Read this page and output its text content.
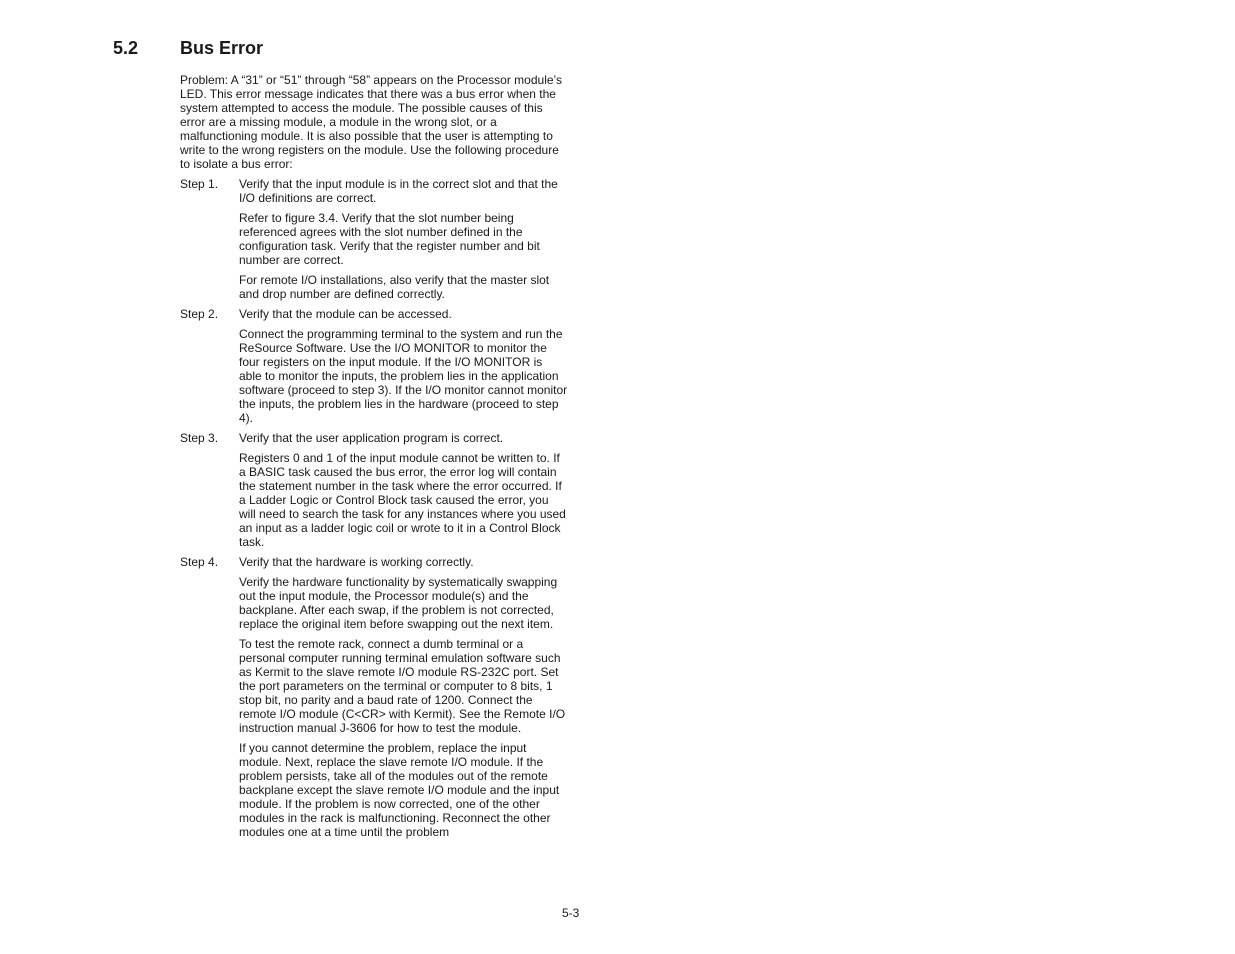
5.2 Bus Error

Problem: A “31” or “51” through “58” appears on the Processor module’s LED. This error message indicates that there was a bus error when the system attempted to access the module. The possible causes of this error are a missing module, a module in the wrong slot, or a malfunctioning module. It is also possible that the user is attempting to write to the wrong registers on the module. Use the following procedure to isolate a bus error:

Step 1.	Verify that the input module is in the correct slot and that the I/O definitions are correct.

Refer to figure 3.4. Verify that the slot number being referenced agrees with the slot number defined in the configuration task. Verify that the register number and bit number are correct.

For remote I/O installations, also verify that the master slot and drop number are defined correctly.

Step 2.	Verify that the module can be accessed.

Connect the programming terminal to the system and run the ReSource Software. Use the I/O MONITOR to monitor the four registers on the input module. If the I/O MONITOR is able to monitor the inputs, the problem lies in the application software (proceed to step 3). If the I/O monitor cannot monitor the inputs, the problem lies in the hardware (proceed to step 4).

Step 3.	Verify that the user application program is correct.

Registers 0 and 1 of the input module cannot be written to. If a BASIC task caused the bus error, the error log will contain the statement number in the task where the error occurred. If a Ladder Logic or Control Block task caused the error, you will need to search the task for any instances where you used an input as a ladder logic coil or wrote to it in a Control Block task.

Step 4.	Verify that the hardware is working correctly.

Verify the hardware functionality by systematically swapping out the input module, the Processor module(s) and the backplane. After each swap, if the problem is not corrected, replace the original item before swapping out the next item.

To test the remote rack, connect a dumb terminal or a personal computer running terminal emulation software such as Kermit to the slave remote I/O module RS-232C port. Set the port parameters on the terminal or computer to 8 bits, 1 stop bit, no parity and a baud rate of 1200. Connect the remote I/O module (C<CR> with Kermit). See the Remote I/O instruction manual J-3606 for how to test the module.

If you cannot determine the problem, replace the input module. Next, replace the slave remote I/O module. If the problem persists, take all of the modules out of the remote backplane except the slave remote I/O module and the input module. If the problem is now corrected, one of the other modules in the rack is malfunctioning. Reconnect the other modules one at a time until the problem

5-3
